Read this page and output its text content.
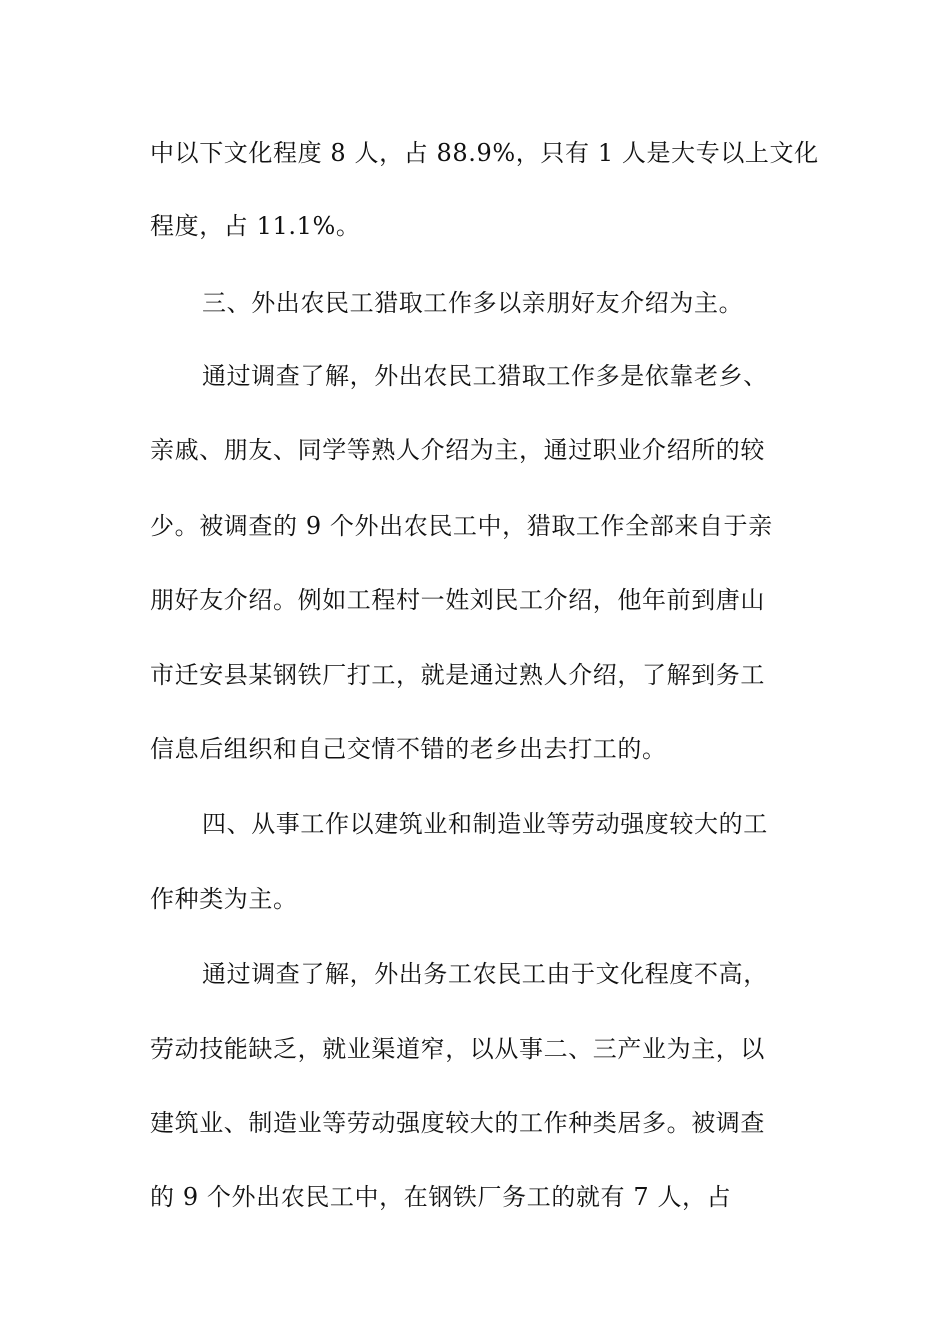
中以下文化程度 8 人，占 88.9%，只有 1 人是大专以上文化
程度，占 11.1%。
三、外出农民工猎取工作多以亲朋好友介绍为主。
通过调查了解，外出农民工猎取工作多是依靠老乡、
亲戚、朋友、同学等熟人介绍为主，通过职业介绍所的较
少。被调查的 9 个外出农民工中，猎取工作全部来自于亲
朋好友介绍。例如工程村一姓刘民工介绍，他年前到唐山
市迁安县某钢铁厂打工，就是通过熟人介绍，了解到务工
信息后组织和自己交情不错的老乡出去打工的。
四、从事工作以建筑业和制造业等劳动强度较大的工
作种类为主。
通过调查了解，外出务工农民工由于文化程度不高，
劳动技能缺乏，就业渠道窄，以从事二、三产业为主，以
建筑业、制造业等劳动强度较大的工作种类居多。被调查
的 9 个外出农民工中，在钢铁厂务工的就有 7 人，占
